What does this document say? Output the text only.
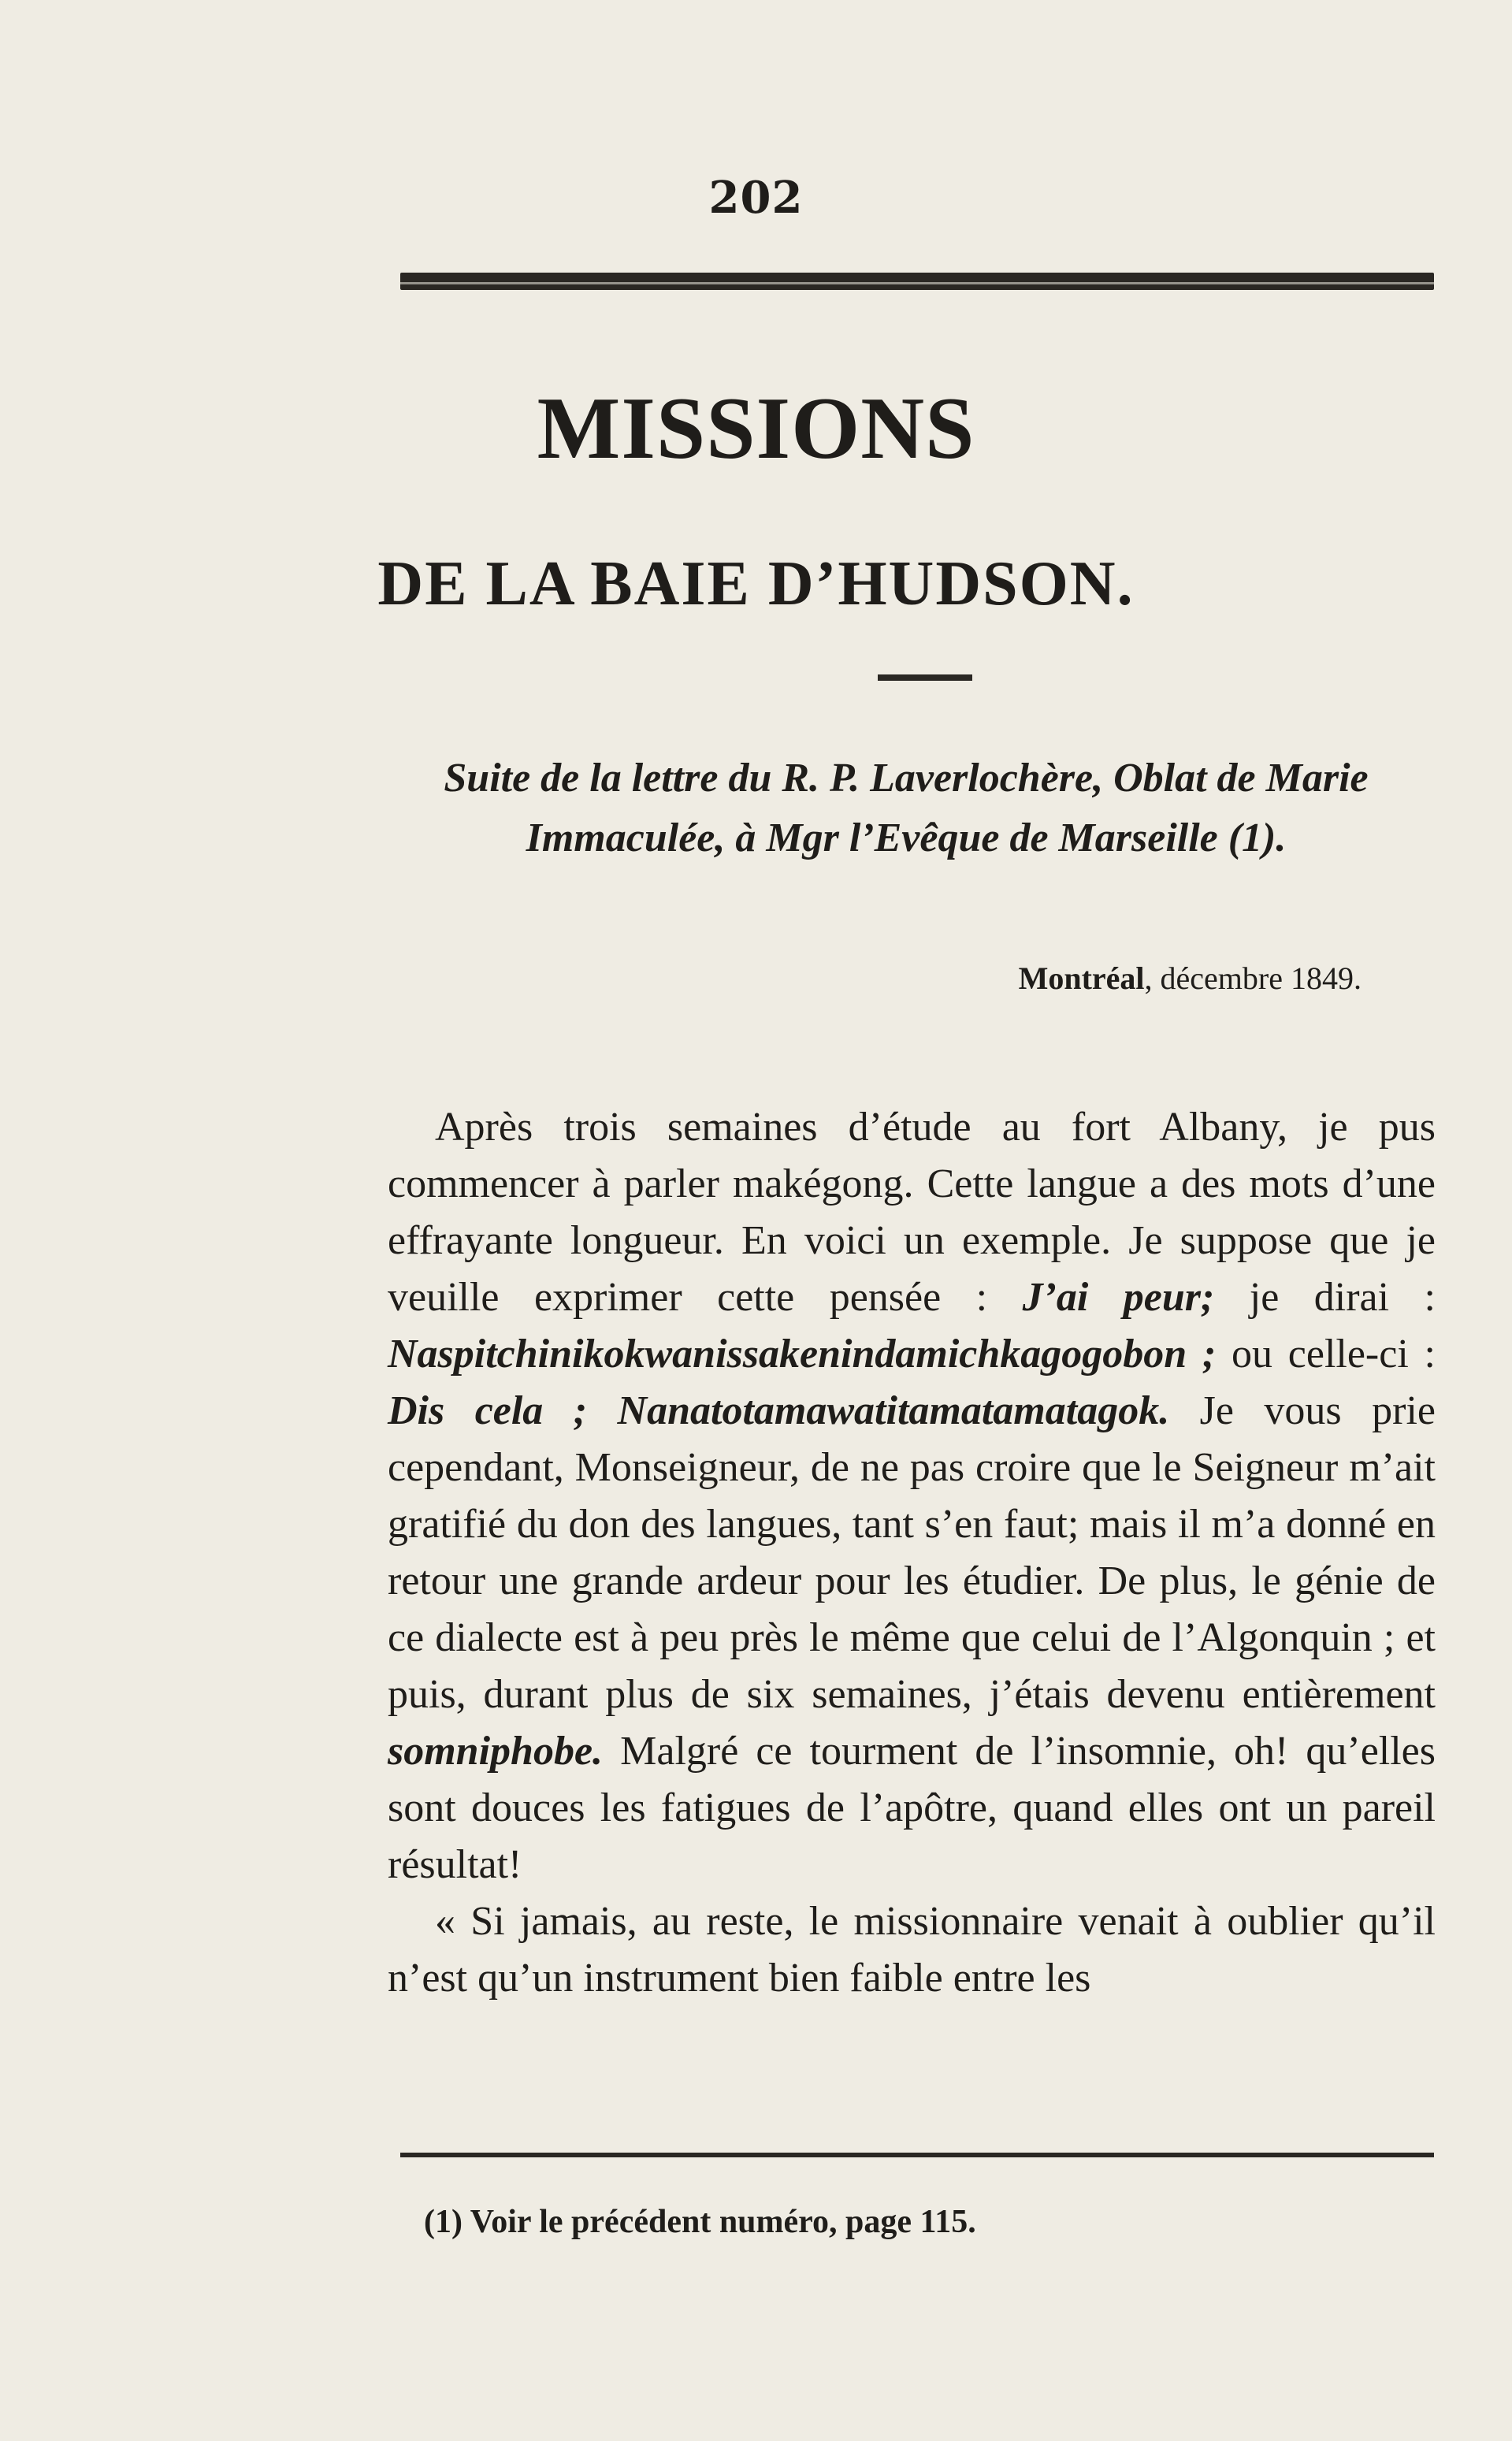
202
MISSIONS
DE LA BAIE D’HUDSON.
Suite de la lettre du R. P. Laverlochère, Oblat de Marie Immaculée, à Mgr l’Evêque de Marseille (1).
Montréal, décembre 1849.

Après trois semaines d’étude au fort Albany, je pus commencer à parler makégong. Cette langue a des mots d’une effrayante longueur. En voici un exemple. Je suppose que je veuille exprimer cette pensée : J’ai peur; je dirai : Naspitchinikokwanissakenindamichkagogobon ; ou celle-ci : Dis cela ; Nanatotamawatitamatamatagok. Je vous prie cependant, Monseigneur, de ne pas croire que le Seigneur m’ait gratifié du don des langues, tant s’en faut; mais il m’a donné en retour une grande ardeur pour les étudier. De plus, le génie de ce dialecte est à peu près le même que celui de l’Algonquin ; et puis, durant plus de six semaines, j’étais devenu entièrement somniphobe. Malgré ce tourment de l’insomnie, oh! qu’elles sont douces les fatigues de l’apôtre, quand elles ont un pareil résultat!

« Si jamais, au reste, le missionnaire venait à oublier qu’il n’est qu’un instrument bien faible entre les

(1) Voir le précédent numéro, page 115.
